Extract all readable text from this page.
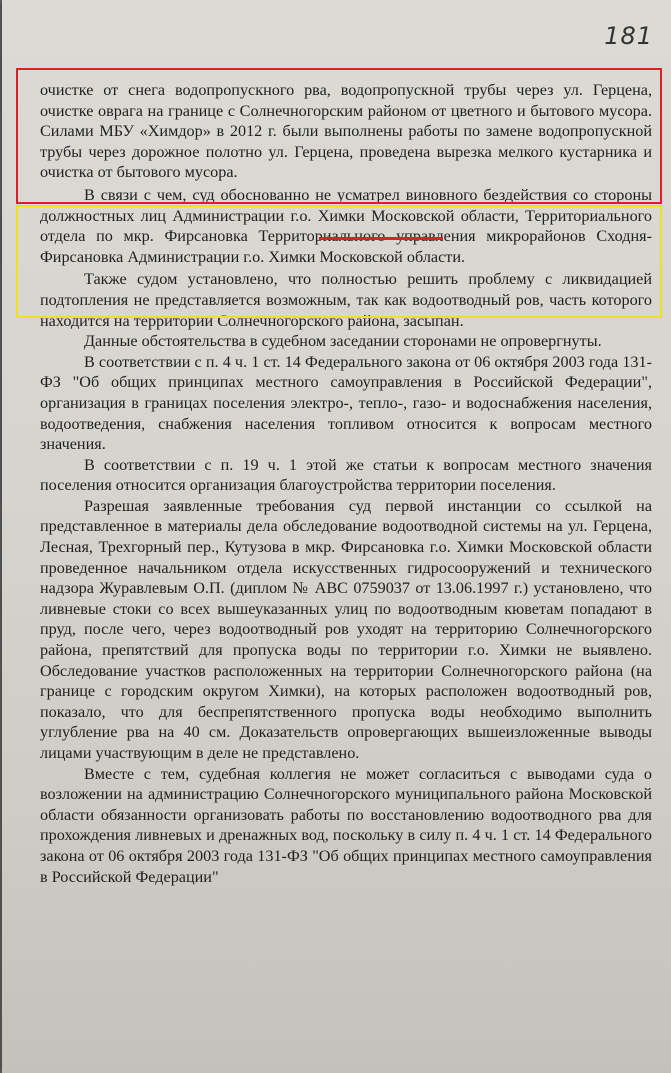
181

очистке от снега водопропускного рва, водопропускной трубы через ул. Герцена, очистке оврага на границе с Солнечногорским районом от цветного и бытового мусора. Силами МБУ «Химдор» в 2012 г. были выполнены работы по замене водопропускной трубы через дорожное полотно ул. Герцена, проведена вырезка мелкого кустарника и очистка от бытового мусора.

В связи с чем, суд обоснованно не усматрел виновного бездействия со стороны должностных лиц Администрации г.о. Химки Московской области, Территориального отдела по мкр. Фирсановка Территориального управления микрорайонов Сходня-Фирсановка Администрации г.о. Химки Московской области.

Также судом установлено, что полностью решить проблему с ликвидацией подтопления не представляется возможным, так как водоотводный ров, часть которого находится на территории Солнечногорского района, засыпан.

Данные обстоятельства в судебном заседании сторонами не опровергнуты.

В соответствии с п. 4 ч. 1 ст. 14 Федерального закона от 06 октября 2003 года 131-ФЗ "Об общих принципах местного самоуправления в Российской Федерации", организация в границах поселения электро-, тепло-, газо- и водоснабжения населения, водоотведения, снабжения населения топливом относится к вопросам местного значения.

В соответствии с п. 19 ч. 1 этой же статьи к вопросам местного значения поселения относится организация благоустройства территории поселения.

Разрешая заявленные требования суд первой инстанции со ссылкой на представленное в материалы дела обследование водоотводной системы на ул. Герцена, Лесная, Трехгорный пер., Кутузова в мкр. Фирсановка г.о. Химки Московской области проведенное начальником отдела искусственных гидросооружений и технического надзора Журавлевым О.П. (диплом № АВС 0759037 от 13.06.1997 г.) установлено, что ливневые стоки со всех вышеуказанных улиц по водоотводным кюветам попадают в пруд, после чего, через водоотводный ров уходят на территорию Солнечногорского района, препятствий для пропуска воды по территории г.о. Химки не выявлено. Обследование участков расположенных на территории Солнечногорского района (на границе с городским округом Химки), на которых расположен водоотводный ров, показало, что для беспрепятственного пропуска воды необходимо выполнить углубление рва на 40 см. Доказательств опровергающих вышеизложенные выводы лицами участвующим в деле не представлено.

Вместе с тем, судебная коллегия не может согласиться с выводами суда о возложении на администрацию Солнечногорского муниципального района Московской области обязанности организовать работы по восстановлению водоотводного рва для прохождения ливневых и дренажных вод, поскольку в силу п. 4 ч. 1 ст. 14 Федерального закона от 06 октября 2003 года 131-ФЗ "Об общих принципах местного самоуправления в Российской Федерации"
